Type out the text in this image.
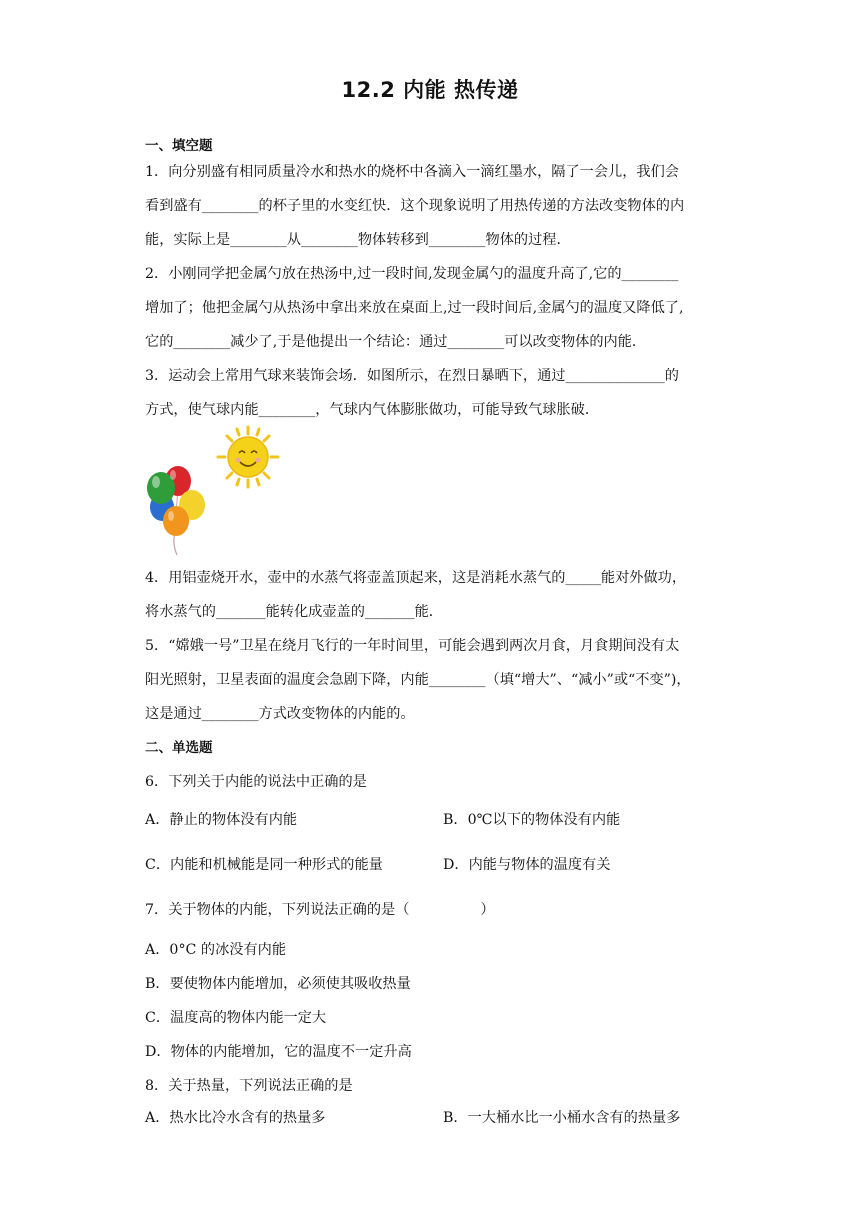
12.2 内能 热传递
一、填空题
1．向分别盛有相同质量冷水和热水的烧杯中各滴入一滴红墨水，隔了一会儿，我们会
看到盛有________的杯子里的水变红快．这个现象说明了用热传递的方法改变物体的内
能，实际上是________从________物体转移到________物体的过程．
2．小刚同学把金属勺放在热汤中,过一段时间,发现金属勺的温度升高了,它的________
增加了；他把金属勺从热汤中拿出来放在桌面上,过一段时间后,金属勺的温度又降低了,
它的________减少了,于是他提出一个结论：通过________可以改变物体的内能．
3．运动会上常用气球来装饰会场．如图所示，在烈日暴晒下，通过______________的
方式，使气球内能________，气球内气体膨胀做功，可能导致气球胀破．
4．用铝壶烧开水，壶中的水蒸气将壶盖顶起来，这是消耗水蒸气的_____能对外做功，
将水蒸气的_______能转化成壶盖的_______能．
5．“嫦娥一号”卫星在绕月飞行的一年时间里，可能会遇到两次月食，月食期间没有太
阳光照射，卫星表面的温度会急剧下降，内能________（填“增大”、“减小”或“不变”)，
这是通过________方式改变物体的内能的。
二、单选题
6．下列关于内能的说法中正确的是
A．静止的物体没有内能	B．0℃以下的物体没有内能
C．内能和机械能是同一种形式的能量	D．内能与物体的温度有关
7．关于物体的内能，下列说法正确的是（　　　　　）
A．0°C 的冰没有内能
B．要使物体内能增加，必须使其吸收热量
C．温度高的物体内能一定大
D．物体的内能增加，它的温度不一定升高
8．关于热量，下列说法正确的是
A．热水比冷水含有的热量多	B．一大桶水比一小桶水含有的热量多
